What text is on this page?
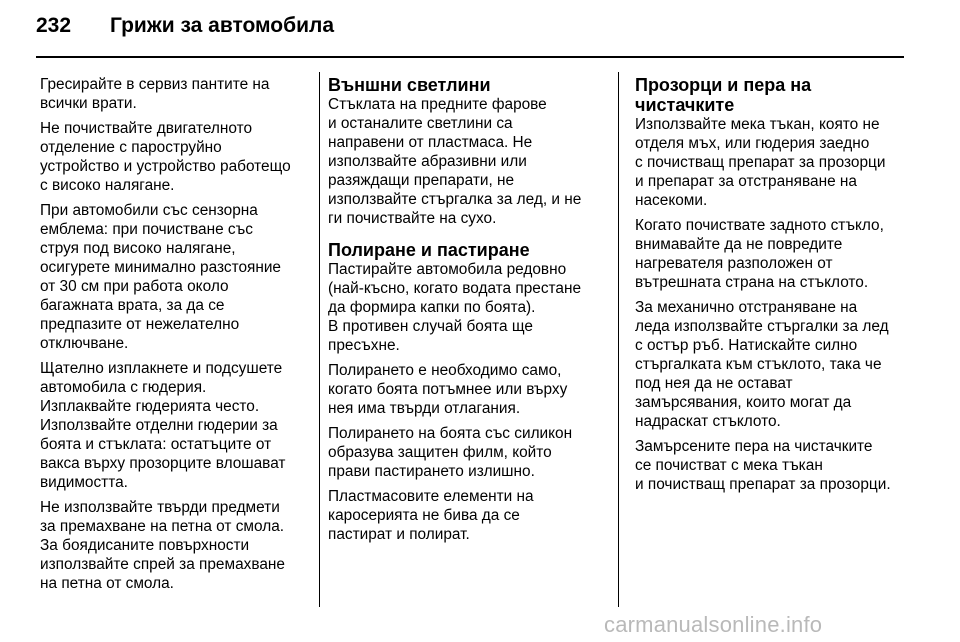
232 Грижи за автомобила

Гресирайте в сервиз пантите на
всички врати.

Не почиствайте двигателното
отделение с пароструйно
устройство и устройство работещо
с високо налягане.

При автомобили със сензорна
емблема: при почистване със
струя под високо налягане,
осигурете минимално разстояние
от 30 см при работа около
багажната врата, за да се
предпазите от нежелателно
отключване.

Щателно изплакнете и подсушете
автомобила с гюдерия.
Изплаквайте гюдерията често.
Използвайте отделни гюдерии за
боята и стъклата: остатъците от
вакса върху прозорците влошават
видимостта.

Не използвайте твърди предмети
за премахване на петна от смола.
За боядисаните повърхности
използвайте спрей за премахване
на петна от смола.

Външни светлини

Стъклата на предните фарове
и останалите светлини са
направени от пластмаса. Не
използвайте абразивни или
разяждащи препарати, не
използвайте стъргалка за лед, и не
ги почиствайте на сухо.

Полиране и пастиране

Пастирайте автомобила редовно
(най-късно, когато водата престане
да формира капки по боята).
В противен случай боята ще
пресъхне.

Полирането е необходимо само,
когато боята потъмнее или върху
нея има твърди отлагания.

Полирането на боята със силикон
образува защитен филм, който
прави пастирането излишно.

Пластмасовите елементи на
каросерията не бива да се
пастират и полират.

Прозорци и пера на
чистачките

Използвайте мека тъкан, която не
отделя мъх, или гюдерия заедно
с почистващ препарат за прозорци
и препарат за отстраняване на
насекоми.

Когато почиствате задното стъкло,
внимавайте да не повредите
нагревателя разположен от
вътрешната страна на стъклото.

За механично отстраняване на
леда използвайте стъргалки за лед
с остър ръб. Натискайте силно
стъргалката към стъклото, така че
под нея да не остават
замърсявания, които могат да
надраскат стъклото.

Замърсените пера на чистачките
се почистват с мека тъкан
и почистващ препарат за прозорци.

carmanualsonline.info
